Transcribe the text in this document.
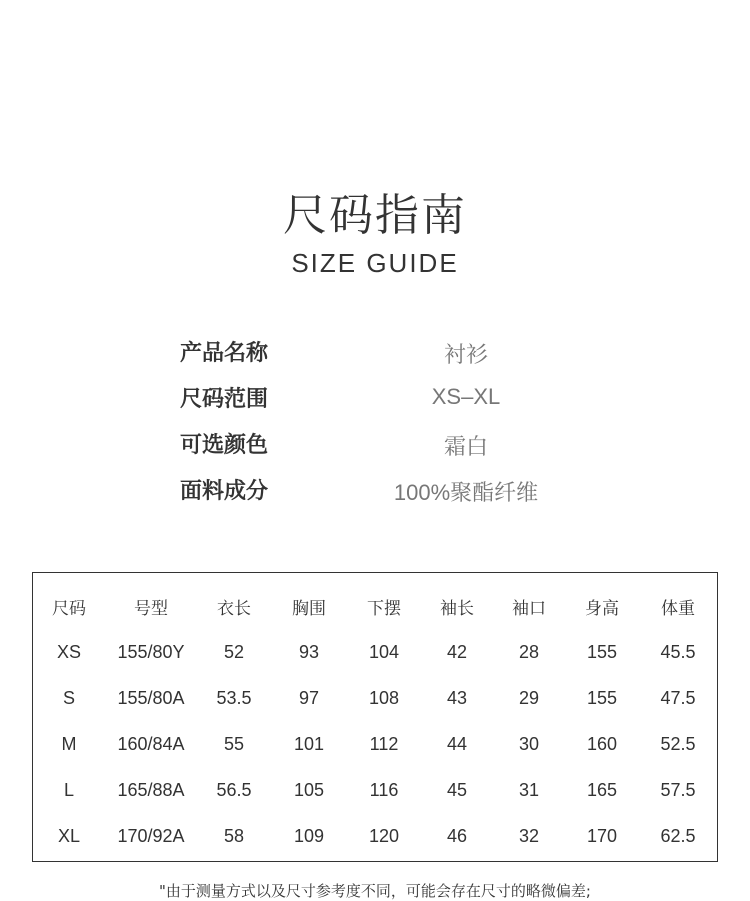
尺码指南
SIZE GUIDE
产品名称	衬衫
尺码范围	XS–XL
可选颜色	霜白
面料成分	100%聚酯纤维
尺码	号型	衣长	胸围	下摆	袖长	袖口	身高	体重
XS	155/80Y	52	93	104	42	28	155	45.5
S	155/80A	53.5	97	108	43	29	155	47.5
M	160/84A	55	101	112	44	30	160	52.5
L	165/88A	56.5	105	116	45	31	165	57.5
XL	170/92A	58	109	120	46	32	170	62.5
"由于测量方式以及尺寸参考度不同，可能会存在尺寸的略微偏差;
